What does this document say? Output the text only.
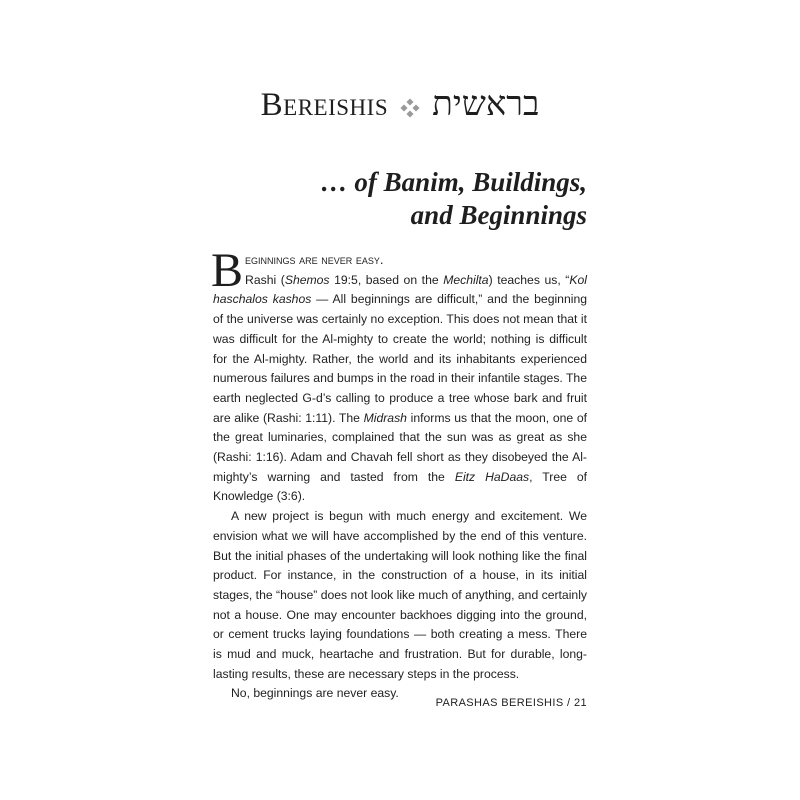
Bereishis בראשית
… of Banim, Buildings,
and Beginnings

Beginnings are never easy.
Rashi (Shemos 19:5, based on the Mechilta) teaches us, “Kol haschalos kashos — All beginnings are difficult,” and the beginning of the universe was certainly no exception. This does not mean that it was difficult for the Al-mighty to create the world; nothing is difficult for the Al-mighty. Rather, the world and its inhabitants experienced numerous failures and bumps in the road in their infantile stages. The earth neglected G-d’s calling to produce a tree whose bark and fruit are alike (Rashi: 1:11). The Midrash informs us that the moon, one of the great luminaries, complained that the sun was as great as she (Rashi: 1:16). Adam and Chavah fell short as they disobeyed the Al-mighty’s warning and tasted from the Eitz HaDaas, Tree of Knowledge (3:6).

A new project is begun with much energy and excitement. We envision what we will have accomplished by the end of this venture. But the initial phases of the undertaking will look nothing like the final product. For instance, in the construction of a house, in its initial stages, the “house” does not look like much of anything, and certainly not a house. One may encounter backhoes digging into the ground, or cement trucks laying foundations — both creating a mess. There is mud and muck, heartache and frustration. But for durable, long-lasting results, these are necessary steps in the process.

No, beginnings are never easy.

PARASHAS BEREISHIS / 21
